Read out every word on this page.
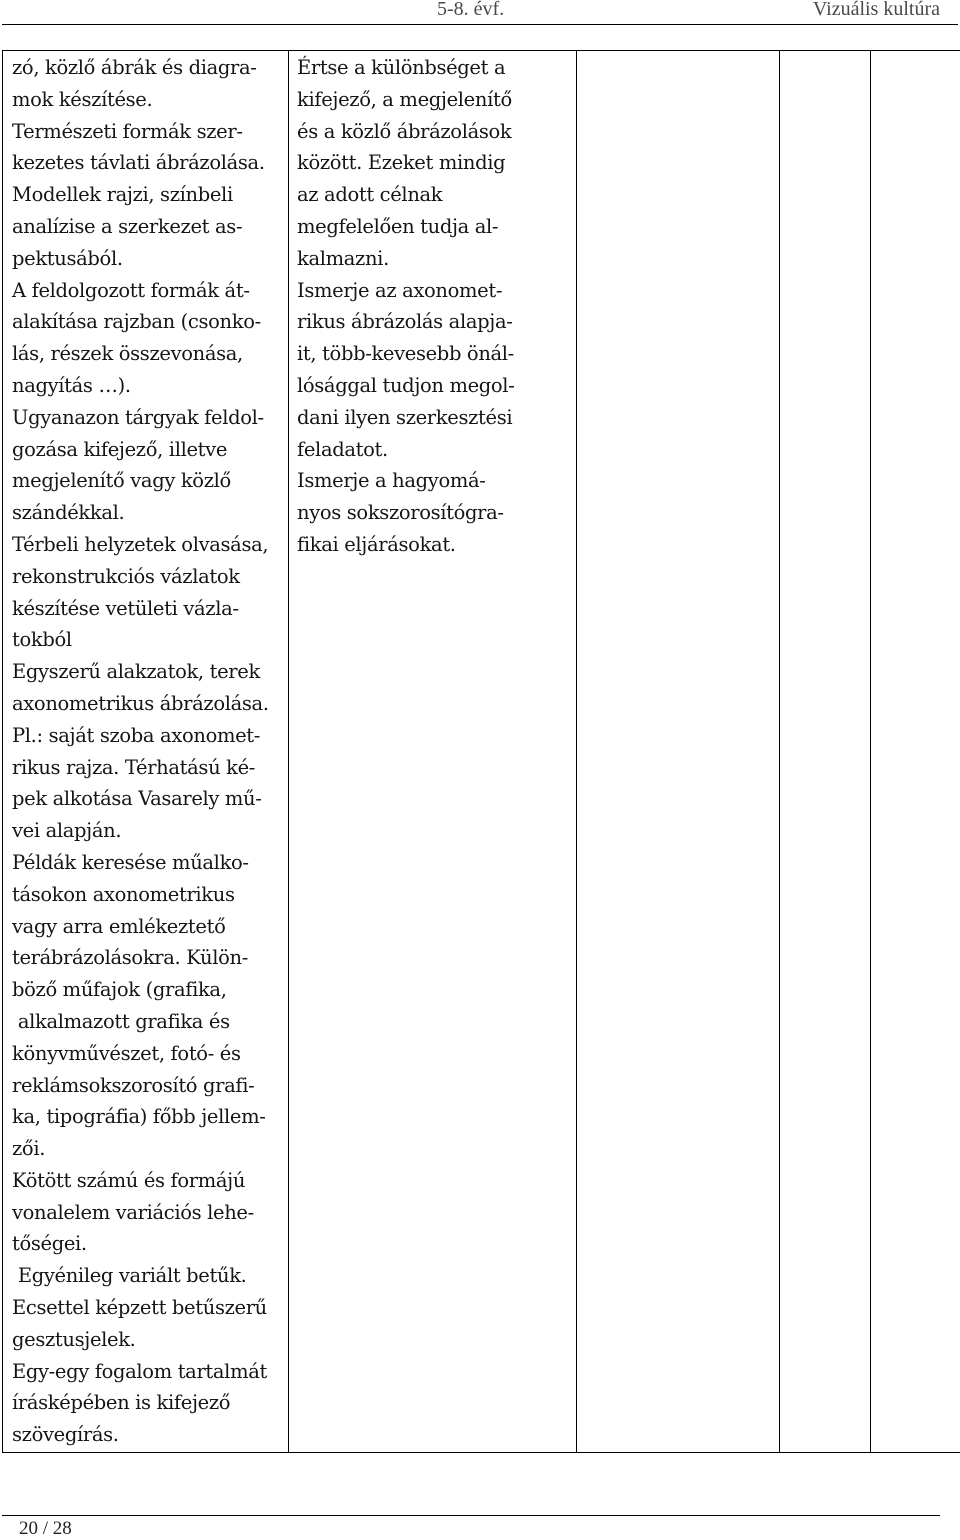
5-8. évf.	Vizuális kultúra
zó, közlő ábrák és diagra-
mok készítése.
Természeti formák szer-
kezetes távlati ábrázolása.
Modellek rajzi, színbeli
analízise a szerkezet as-
pektusából.
A feldolgozott formák át-
alakítása rajzban (csonko-
lás, részek összevonása,
nagyítás …).
Ugyanazon tárgyak feldol-
gozása kifejező, illetve
megjelenítő vagy közlő
szándékkal.
Térbeli helyzetek olvasása,
rekonstrukciós vázlatok
készítése vetületi vázla-
tokból
Egyszerű alakzatok, terek
axonometrikus ábrázolása.
Pl.: saját szoba axonomet-
rikus rajza. Térhatású ké-
pek alkotása Vasarely mű-
vei alapján.
Példák keresése műalko-
tásokon axonometrikus
vagy arra emlékeztető
terábrázolásokra. Külön-
böző műfajok (grafika,
alkalmazott grafika és
könyvművészet, fotó- és
reklámsokszorosító grafi-
ka, tipográfia) főbb jellem-
zői.
Kötött számú és formájú
vonalelem variációs lehe-
tőségei.
Egyénileg variált betűk.
Ecsettel képzett betűszerű
gesztusjelek.
Egy-egy fogalom tartalmát
írásképében is kifejező
szövegírás.

Értse a különbséget a
kifejező, a megjelenítő
és a közlő ábrázolások
között. Ezeket mindig
az adott célnak
megfelelően tudja al-
kalmazni.
Ismerje az axonomet-
rikus ábrázolás alapja-
it, több-kevesebb önál-
lósággal tudjon megol-
dani ilyen szerkesztési
feladatot.
Ismerje a hagyomá-
nyos sokszorosítógra-
fikai eljárásokat.

20 / 28
